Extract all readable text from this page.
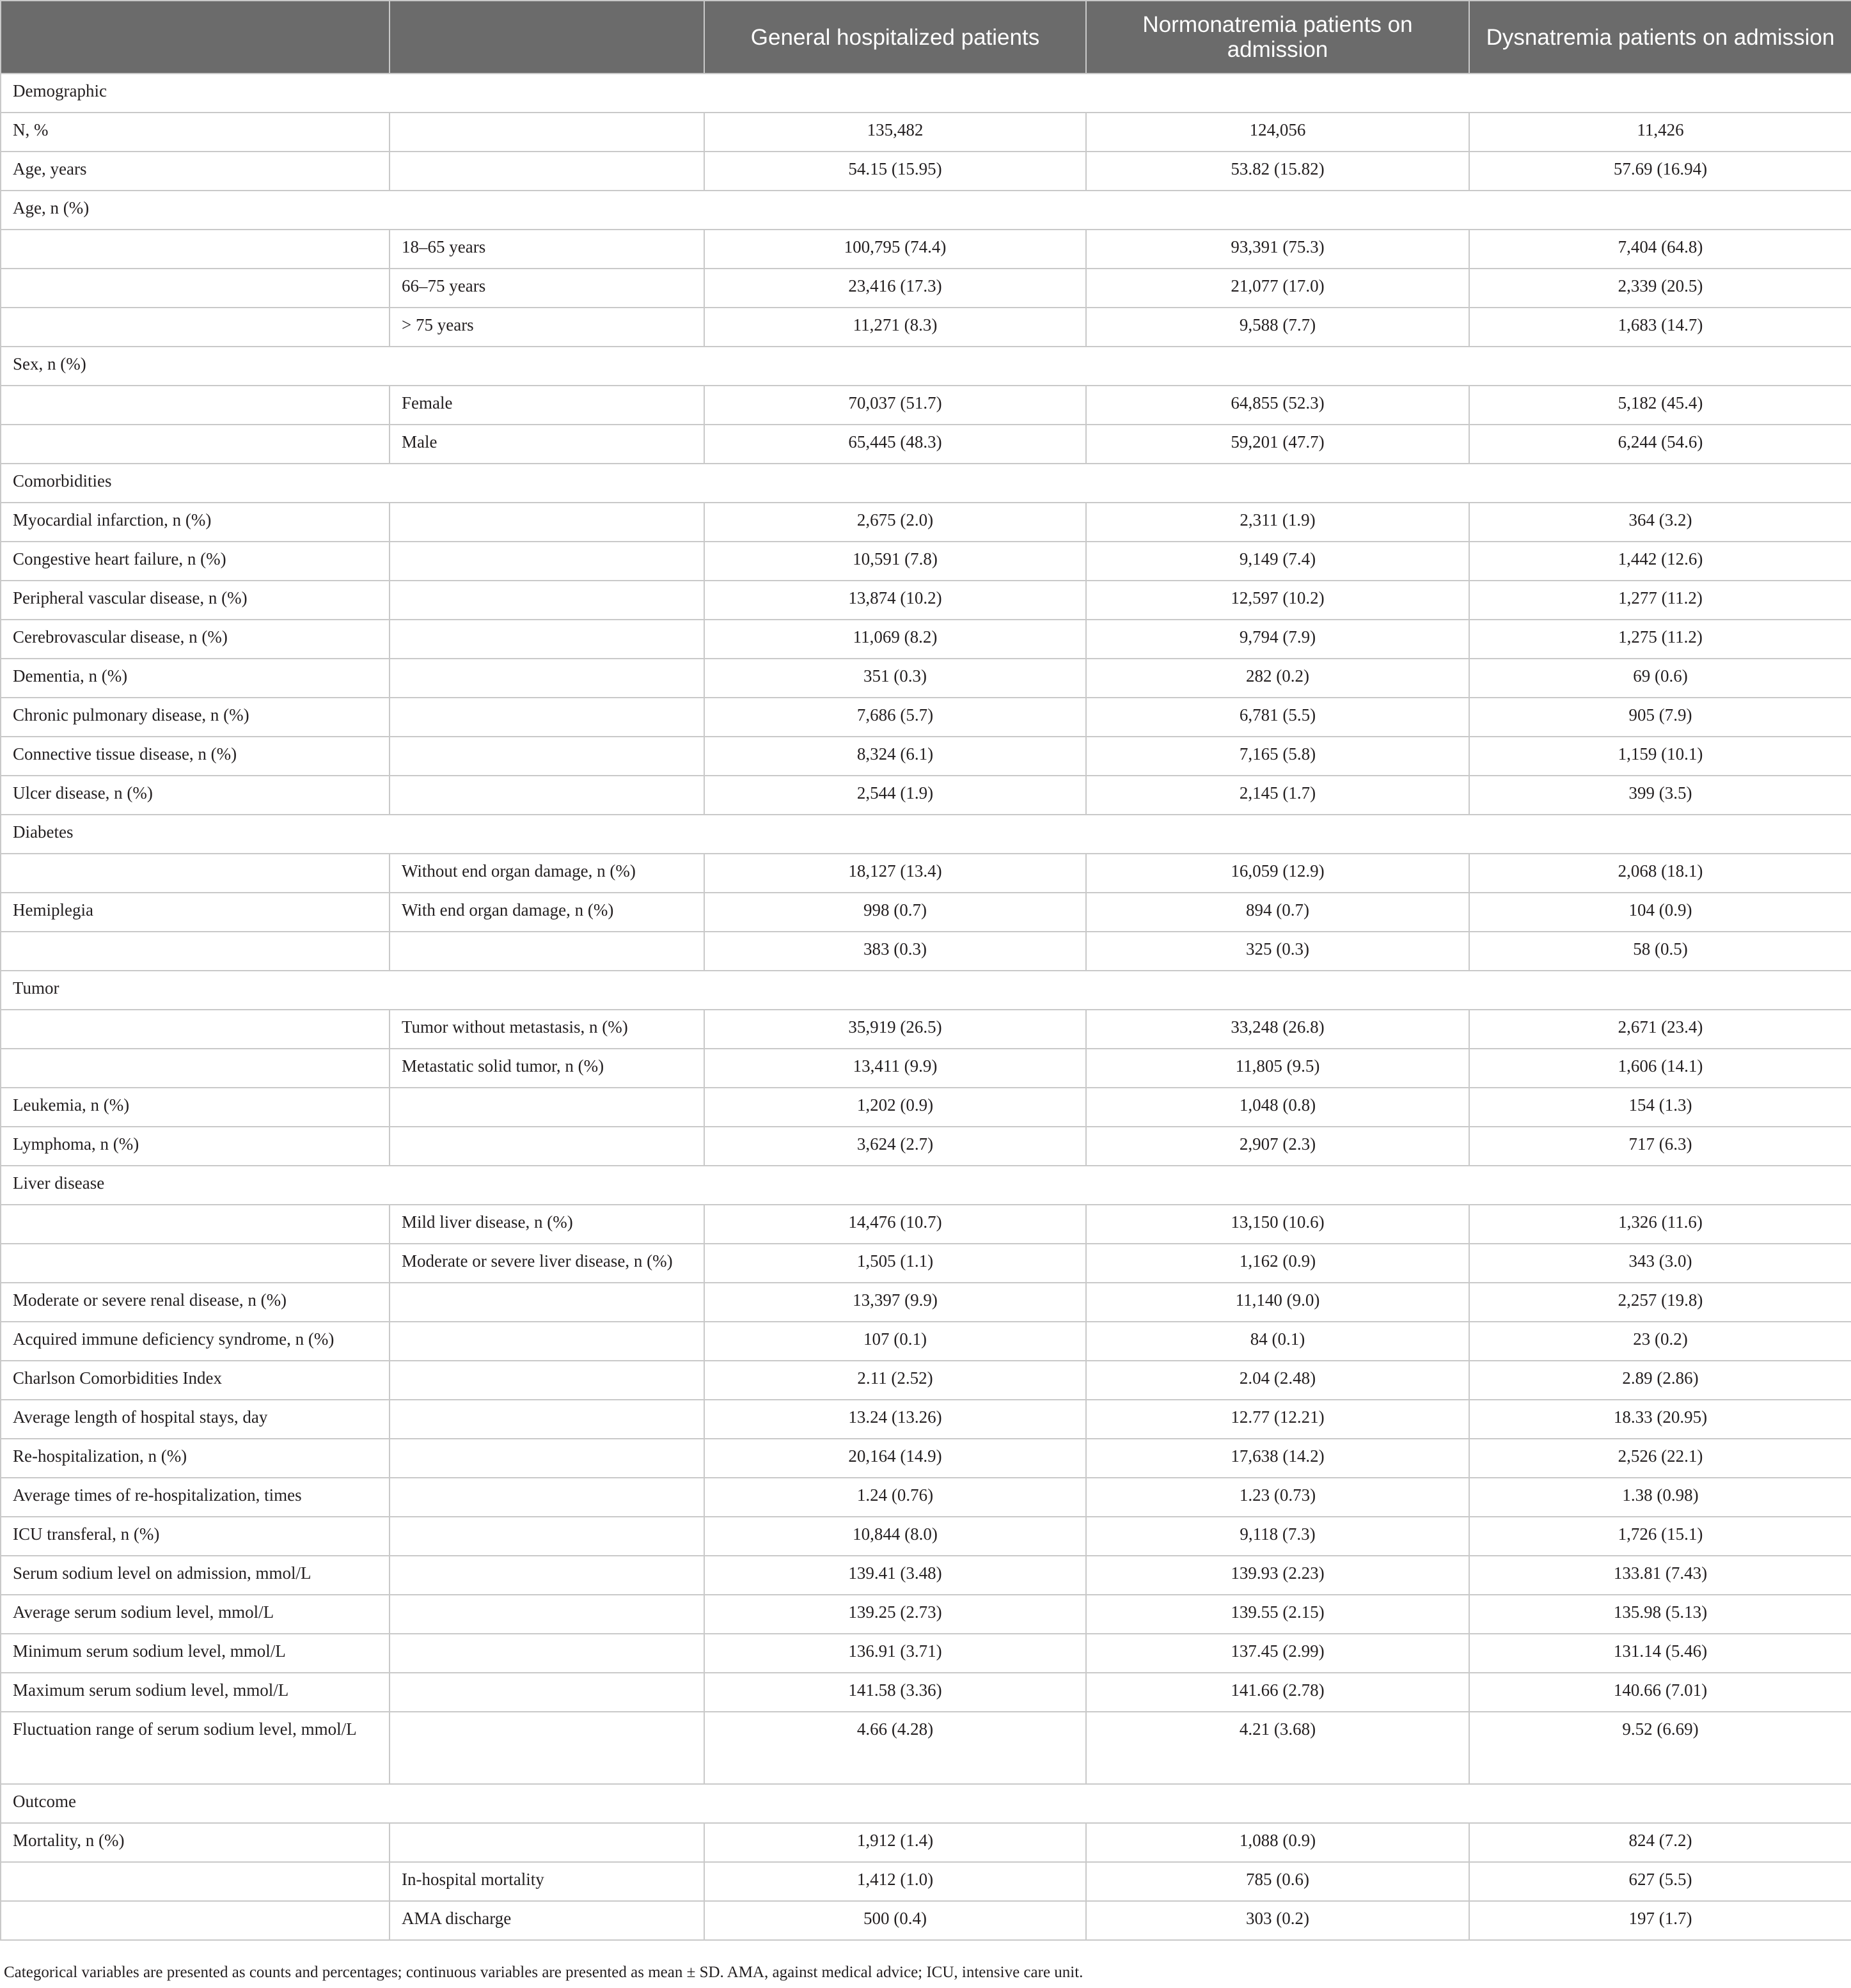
		General hospitalized patients	Normonatremia patients on admission	Dysnatremia patients on admission
Demographic				
N, %		135,482	124,056	11,426
Age, years		54.15 (15.95)	53.82 (15.82)	57.69 (16.94)
Age, n (%)				
	18–65 years	100,795 (74.4)	93,391 (75.3)	7,404 (64.8)
	66–75 years	23,416 (17.3)	21,077 (17.0)	2,339 (20.5)
	> 75 years	11,271 (8.3)	9,588 (7.7)	1,683 (14.7)
Sex, n (%)				
	Female	70,037 (51.7)	64,855 (52.3)	5,182 (45.4)
	Male	65,445 (48.3)	59,201 (47.7)	6,244 (54.6)
Comorbidities				
Myocardial infarction, n (%)		2,675 (2.0)	2,311 (1.9)	364 (3.2)
Congestive heart failure, n (%)		10,591 (7.8)	9,149 (7.4)	1,442 (12.6)
Peripheral vascular disease, n (%)		13,874 (10.2)	12,597 (10.2)	1,277 (11.2)
Cerebrovascular disease, n (%)		11,069 (8.2)	9,794 (7.9)	1,275 (11.2)
Dementia, n (%)		351 (0.3)	282 (0.2)	69 (0.6)
Chronic pulmonary disease, n (%)		7,686 (5.7)	6,781 (5.5)	905 (7.9)
Connective tissue disease, n (%)		8,324 (6.1)	7,165 (5.8)	1,159 (10.1)
Ulcer disease, n (%)		2,544 (1.9)	2,145 (1.7)	399 (3.5)
Diabetes				
	Without end organ damage, n (%)	18,127 (13.4)	16,059 (12.9)	2,068 (18.1)
Hemiplegia	With end organ damage, n (%)	998 (0.7)	894 (0.7)	104 (0.9)
		383 (0.3)	325 (0.3)	58 (0.5)
Tumor				
	Tumor without metastasis, n (%)	35,919 (26.5)	33,248 (26.8)	2,671 (23.4)
	Metastatic solid tumor, n (%)	13,411 (9.9)	11,805 (9.5)	1,606 (14.1)
Leukemia, n (%)		1,202 (0.9)	1,048 (0.8)	154 (1.3)
Lymphoma, n (%)		3,624 (2.7)	2,907 (2.3)	717 (6.3)
Liver disease				
	Mild liver disease, n (%)	14,476 (10.7)	13,150 (10.6)	1,326 (11.6)
	Moderate or severe liver disease, n (%)	1,505 (1.1)	1,162 (0.9)	343 (3.0)
Moderate or severe renal disease, n (%)		13,397 (9.9)	11,140 (9.0)	2,257 (19.8)
Acquired immune deficiency syndrome, n (%)		107 (0.1)	84 (0.1)	23 (0.2)
Charlson Comorbidities Index		2.11 (2.52)	2.04 (2.48)	2.89 (2.86)
Average length of hospital stays, day		13.24 (13.26)	12.77 (12.21)	18.33 (20.95)
Re-hospitalization, n (%)		20,164 (14.9)	17,638 (14.2)	2,526 (22.1)
Average times of re-hospitalization, times		1.24 (0.76)	1.23 (0.73)	1.38 (0.98)
ICU transferal, n (%)		10,844 (8.0)	9,118 (7.3)	1,726 (15.1)
Serum sodium level on admission, mmol/L		139.41 (3.48)	139.93 (2.23)	133.81 (7.43)
Average serum sodium level, mmol/L		139.25 (2.73)	139.55 (2.15)	135.98 (5.13)
Minimum serum sodium level, mmol/L		136.91 (3.71)	137.45 (2.99)	131.14 (5.46)
Maximum serum sodium level, mmol/L		141.58 (3.36)	141.66 (2.78)	140.66 (7.01)
Fluctuation range of serum sodium level, mmol/L		4.66 (4.28)	4.21 (3.68)	9.52 (6.69)
Outcome				
Mortality, n (%)		1,912 (1.4)	1,088 (0.9)	824 (7.2)
	In-hospital mortality	1,412 (1.0)	785 (0.6)	627 (5.5)
	AMA discharge	500 (0.4)	303 (0.2)	197 (1.7)
Categorical variables are presented as counts and percentages; continuous variables are presented as mean ± SD. AMA, against medical advice; ICU, intensive care unit.
